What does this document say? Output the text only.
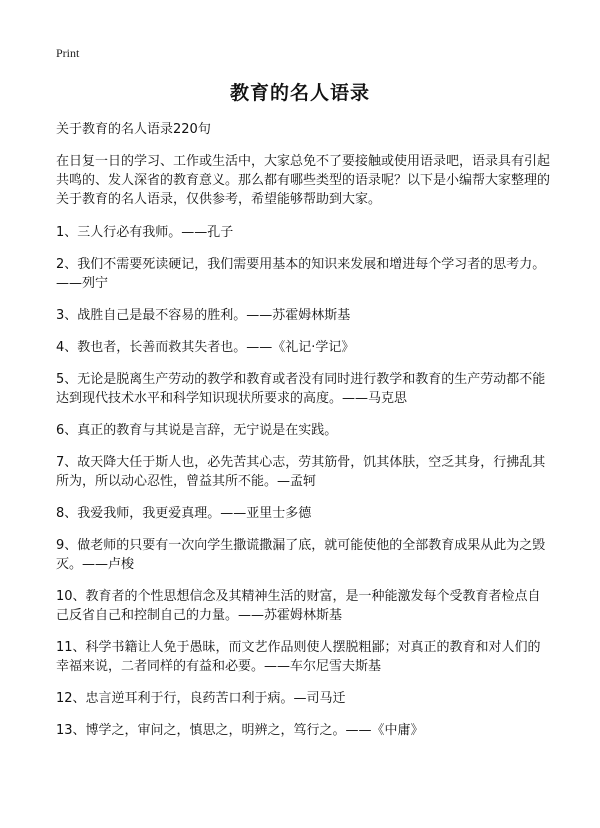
Print
教育的名人语录

关于教育的名人语录220句

在日复一日的学习、工作或生活中，大家总免不了要接触或使用语录吧，语录具有引起共鸣的、发人深省的教育意义。那么都有哪些类型的语录呢？以下是小编帮大家整理的关于教育的名人语录，仅供参考，希望能够帮助到大家。

1、三人行必有我师。——孔子
2、我们不需要死读硬记，我们需要用基本的知识来发展和增进每个学习者的思考力。——列宁
3、战胜自己是最不容易的胜利。——苏霍姆林斯基
4、教也者，长善而救其失者也。——《礼记·学记》
5、无论是脱离生产劳动的教学和教育或者没有同时进行教学和教育的生产劳动都不能达到现代技术水平和科学知识现状所要求的高度。——马克思
6、真正的教育与其说是言辞，无宁说是在实践。
7、故天降大任于斯人也，必先苦其心志，劳其筋骨，饥其体肤，空乏其身，行拂乱其所为，所以动心忍性，曾益其所不能。—孟轲
8、我爱我师，我更爱真理。——亚里士多德
9、做老师的只要有一次向学生撒谎撒漏了底，就可能使他的全部教育成果从此为之毁灭。——卢梭
10、教育者的个性思想信念及其精神生活的财富，是一种能激发每个受教育者检点自己反省自己和控制自己的力量。——苏霍姆林斯基
11、科学书籍让人免于愚昧，而文艺作品则使人摆脱粗鄙；对真正的教育和对人们的幸福来说，二者同样的有益和必要。——车尔尼雪夫斯基
12、忠言逆耳利于行，良药苦口利于病。—司马迁
13、博学之，审问之，慎思之，明辨之，笃行之。——《中庸》
